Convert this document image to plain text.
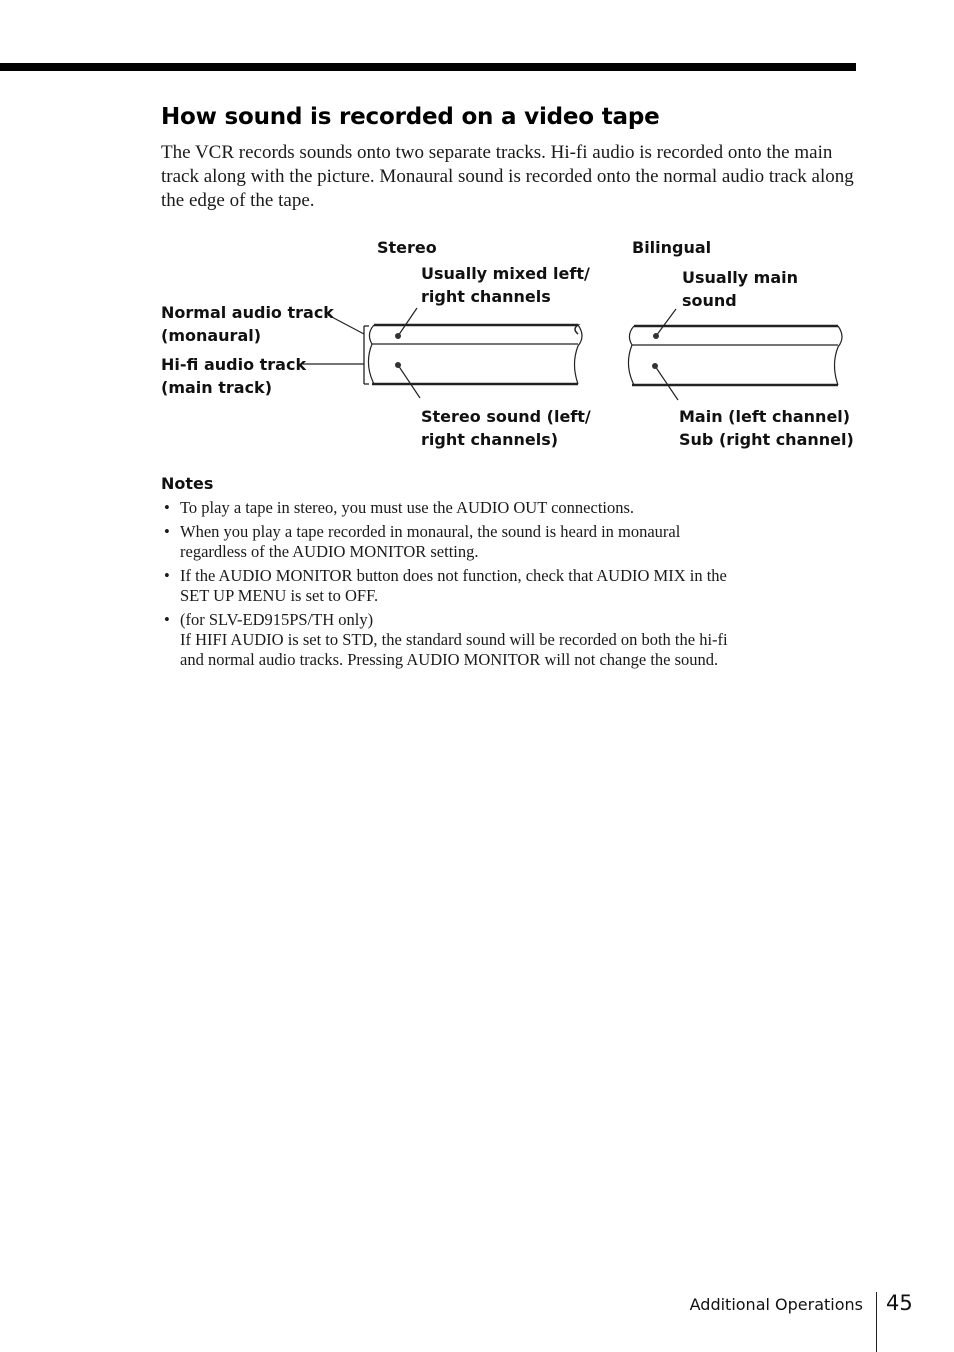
How sound is recorded on a video tape

The VCR records sounds onto two separate tracks. Hi-fi audio is recorded onto the main track along with the picture. Monaural sound is recorded onto the normal audio track along the edge of the tape.

Stereo	Bilingual

Usually mixed left/
right channels

Usually main
sound

Normal audio track
(monaural)

Hi-fi audio track
(main track)

Stereo sound (left/
right channels)

Main (left channel)
Sub (right channel)

Notes

• To play a tape in stereo, you must use the AUDIO OUT connections.
• When you play a tape recorded in monaural, the sound is heard in monaural
regardless of the AUDIO MONITOR setting.
• If the AUDIO MONITOR button does not function, check that AUDIO MIX in the
SET UP MENU is set to OFF.
• (for SLV-ED915PS/TH only)
If HIFI AUDIO is set to STD, the standard sound will be recorded on both the hi-fi
and normal audio tracks. Pressing AUDIO MONITOR will not change the sound.

Additional Operations 45
